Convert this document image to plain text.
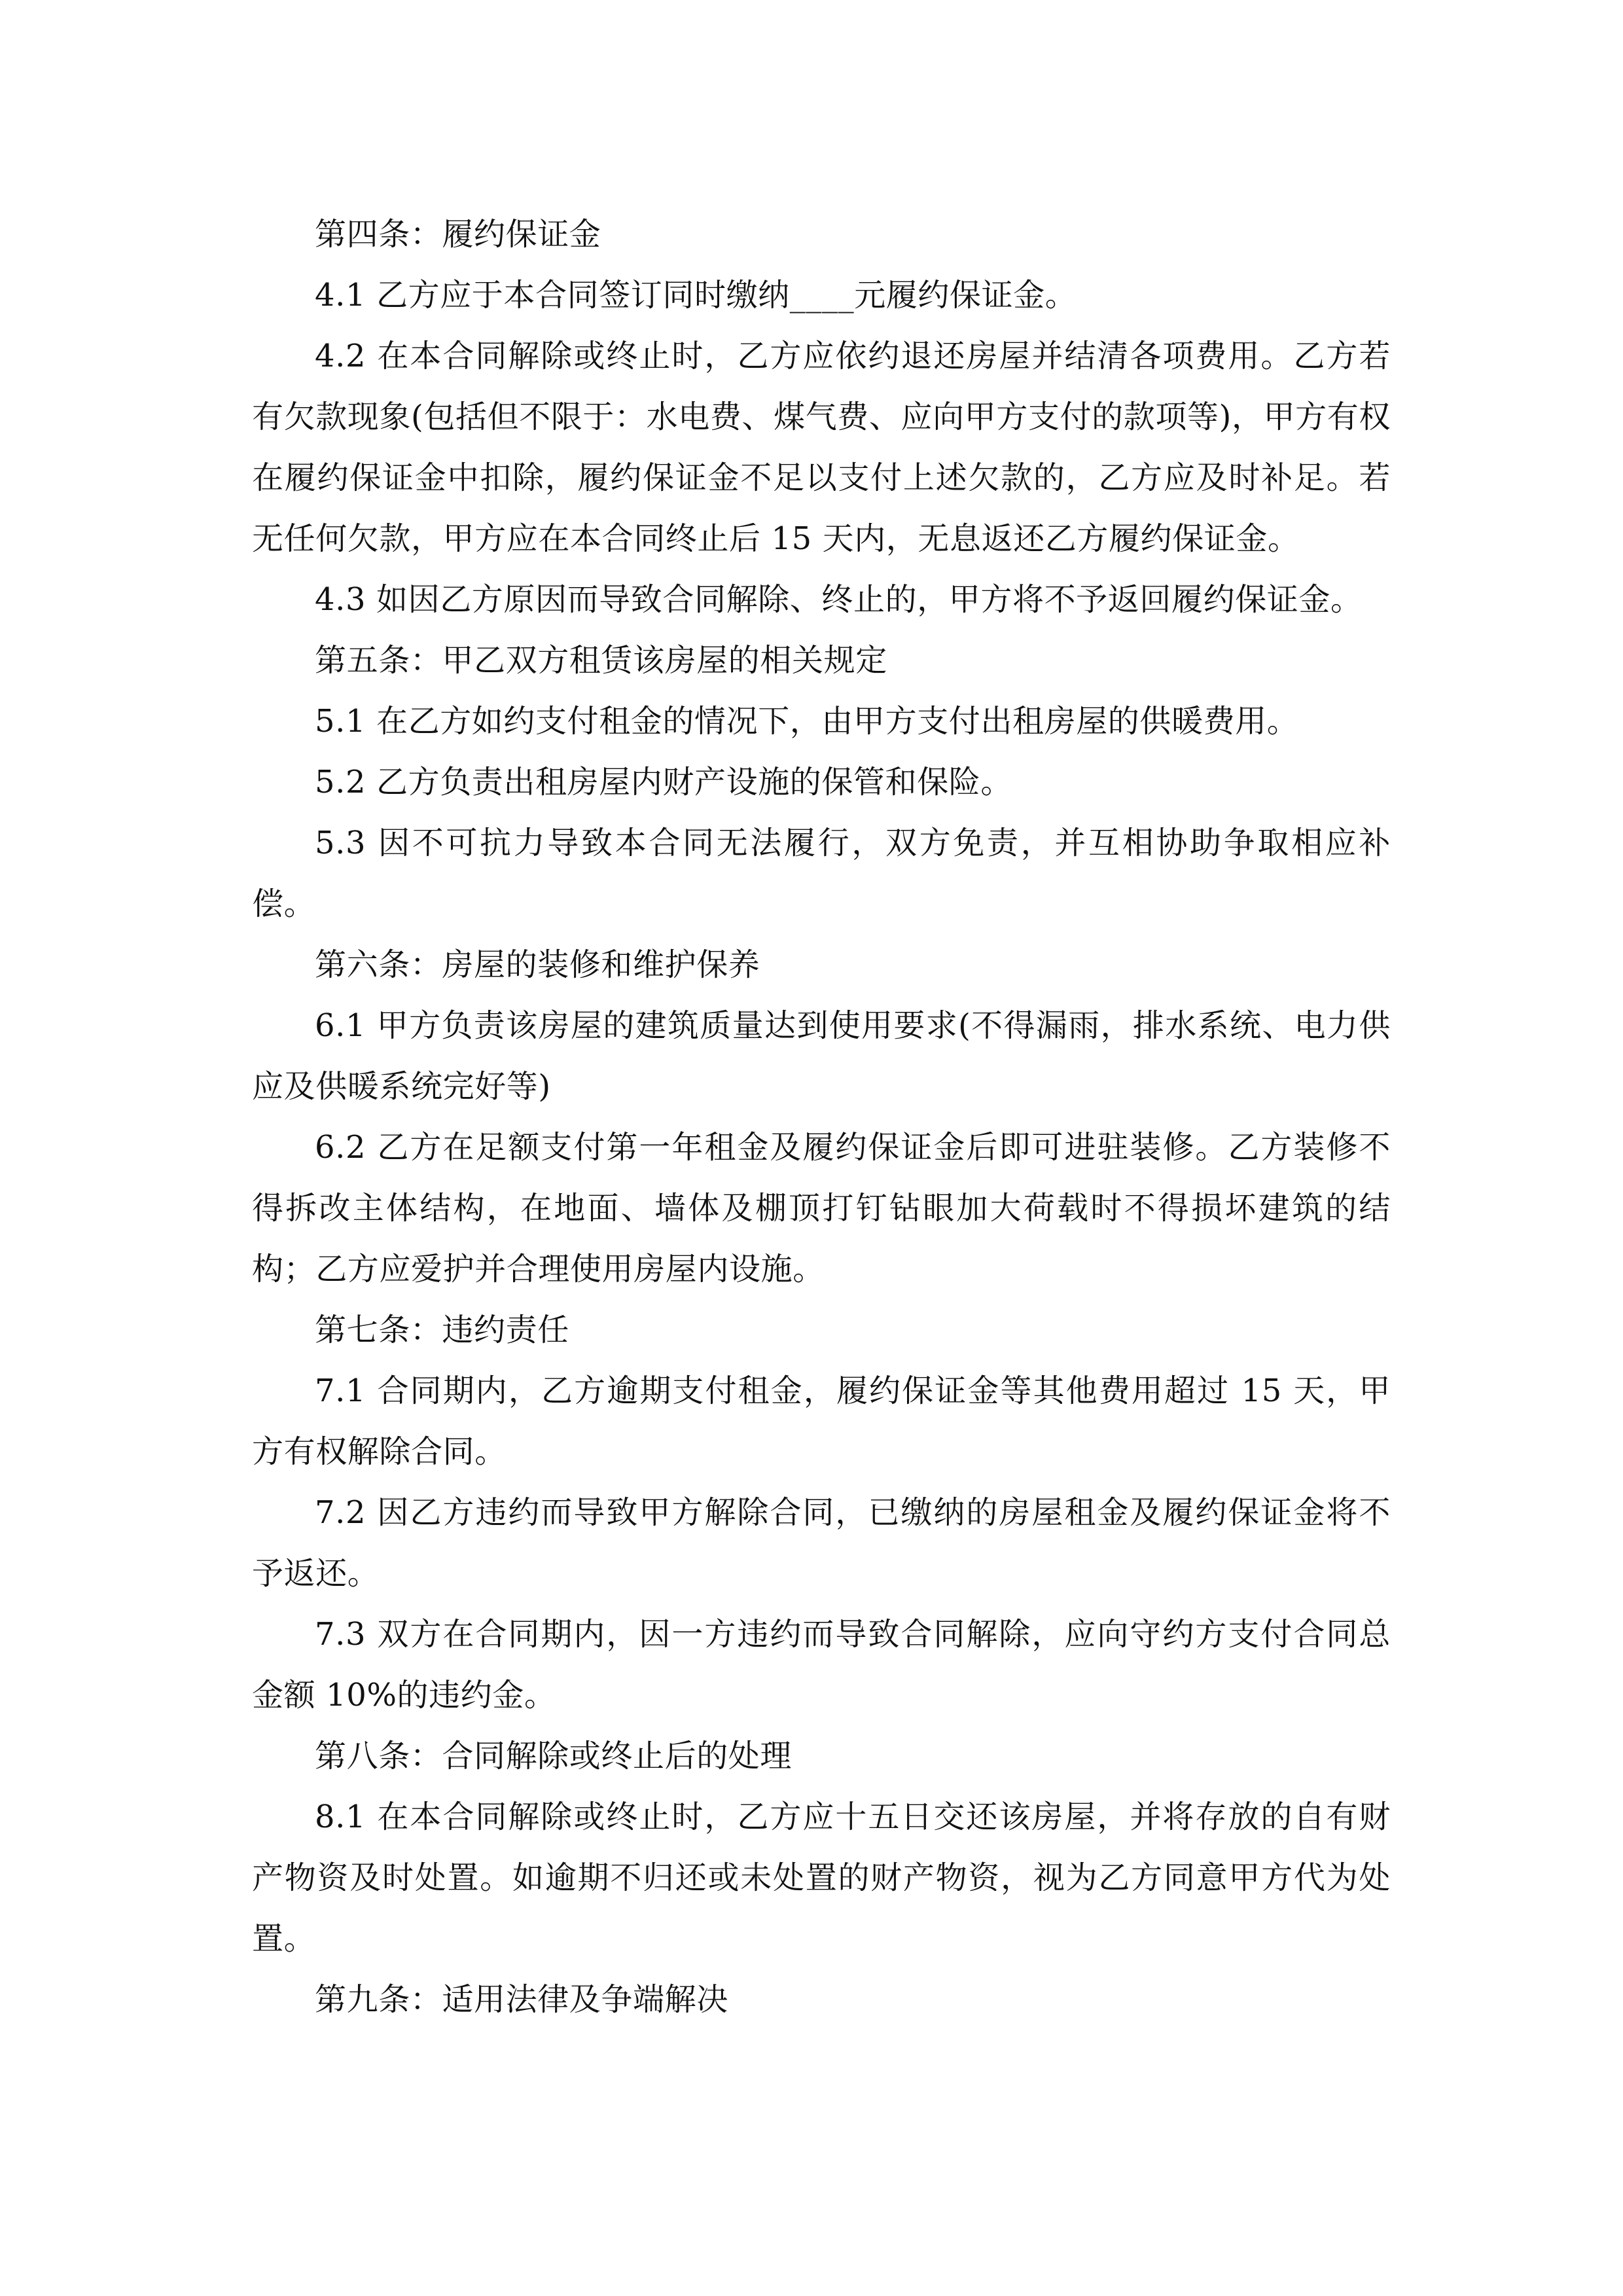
第四条：履约保证金

4.1 乙方应于本合同签订同时缴纳____元履约保证金。

4.2 在本合同解除或终止时，乙方应依约退还房屋并结清各项费用。乙方若有欠款现象(包括但不限于：水电费、煤气费、应向甲方支付的款项等)，甲方有权在履约保证金中扣除，履约保证金不足以支付上述欠款的，乙方应及时补足。若无任何欠款，甲方应在本合同终止后 15 天内，无息返还乙方履约保证金。

4.3 如因乙方原因而导致合同解除、终止的，甲方将不予返回履约保证金。

第五条：甲乙双方租赁该房屋的相关规定

5.1 在乙方如约支付租金的情况下，由甲方支付出租房屋的供暖费用。

5.2 乙方负责出租房屋内财产设施的保管和保险。

5.3 因不可抗力导致本合同无法履行，双方免责，并互相协助争取相应补偿。

第六条：房屋的装修和维护保养

6.1 甲方负责该房屋的建筑质量达到使用要求(不得漏雨，排水系统、电力供应及供暖系统完好等)

6.2 乙方在足额支付第一年租金及履约保证金后即可进驻装修。乙方装修不得拆改主体结构，在地面、墙体及棚顶打钉钻眼加大荷载时不得损坏建筑的结构；乙方应爱护并合理使用房屋内设施。

第七条：违约责任

7.1 合同期内，乙方逾期支付租金，履约保证金等其他费用超过 15 天，甲方有权解除合同。

7.2 因乙方违约而导致甲方解除合同，已缴纳的房屋租金及履约保证金将不予返还。

7.3 双方在合同期内，因一方违约而导致合同解除，应向守约方支付合同总金额 10%的违约金。

第八条：合同解除或终止后的处理

8.1 在本合同解除或终止时，乙方应十五日交还该房屋，并将存放的自有财产物资及时处置。如逾期不归还或未处置的财产物资，视为乙方同意甲方代为处置。

第九条：适用法律及争端解决
